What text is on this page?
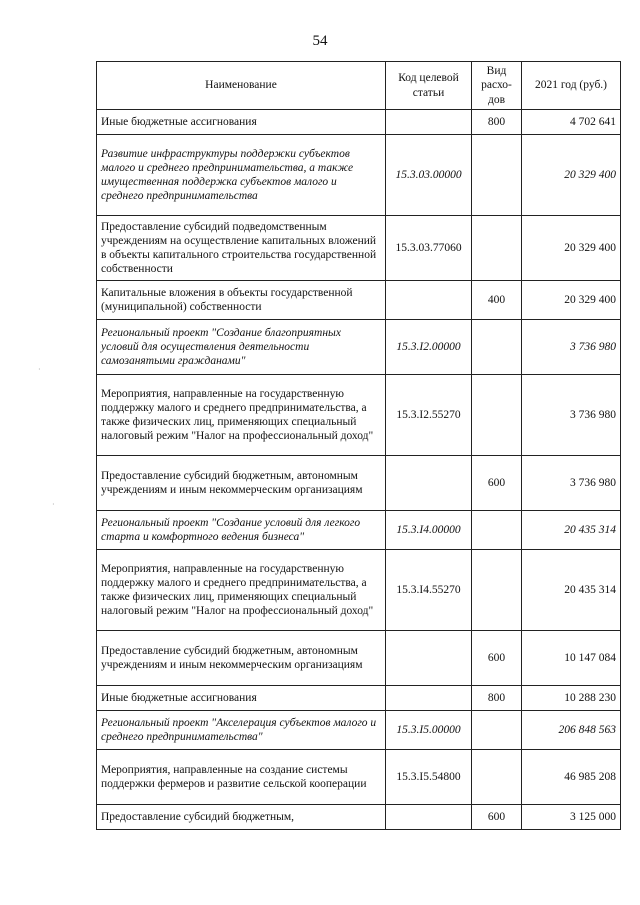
54
Наименование	Код целевой статьи	Вид расхо-дов	2021 год (руб.)
Иные бюджетные ассигнования		800	4 702 641
Развитие инфраструктуры поддержки субъектов малого и среднего предпринимательства, а также имущественная поддержка субъектов малого и среднего предпринимательства	15.3.03.00000		20 329 400
Предоставление субсидий подведомственным учреждениям на осуществление капитальных вложений в объекты капитального строительства государственной собственности	15.3.03.77060		20 329 400
Капитальные вложения в объекты государственной (муниципальной) собственности		400	20 329 400
Региональный проект "Создание благоприятных условий для осуществления деятельности самозанятыми гражданами"	15.3.I2.00000		3 736 980
Мероприятия, направленные на государственную поддержку малого и среднего предпринимательства, а также физических лиц, применяющих специальный налоговый режим "Налог на профессиональный доход"	15.3.I2.55270		3 736 980
Предоставление субсидий бюджетным, автономным учреждениям и иным некоммерческим организациям		600	3 736 980
Региональный проект "Создание условий для легкого старта и комфортного ведения бизнеса"	15.3.I4.00000		20 435 314
Мероприятия, направленные на государственную поддержку малого и среднего предпринимательства, а также физических лиц, применяющих специальный налоговый режим "Налог на профессиональный доход"	15.3.I4.55270		20 435 314
Предоставление субсидий бюджетным, автономным учреждениям и иным некоммерческим организациям		600	10 147 084
Иные бюджетные ассигнования		800	10 288 230
Региональный проект "Акселерация субъектов малого и среднего предпринимательства"	15.3.I5.00000		206 848 563
Мероприятия, направленные на создание системы поддержки фермеров и развитие сельской кооперации	15.3.I5.54800		46 985 208
Предоставление субсидий бюджетным,		600	3 125 000
·
·
